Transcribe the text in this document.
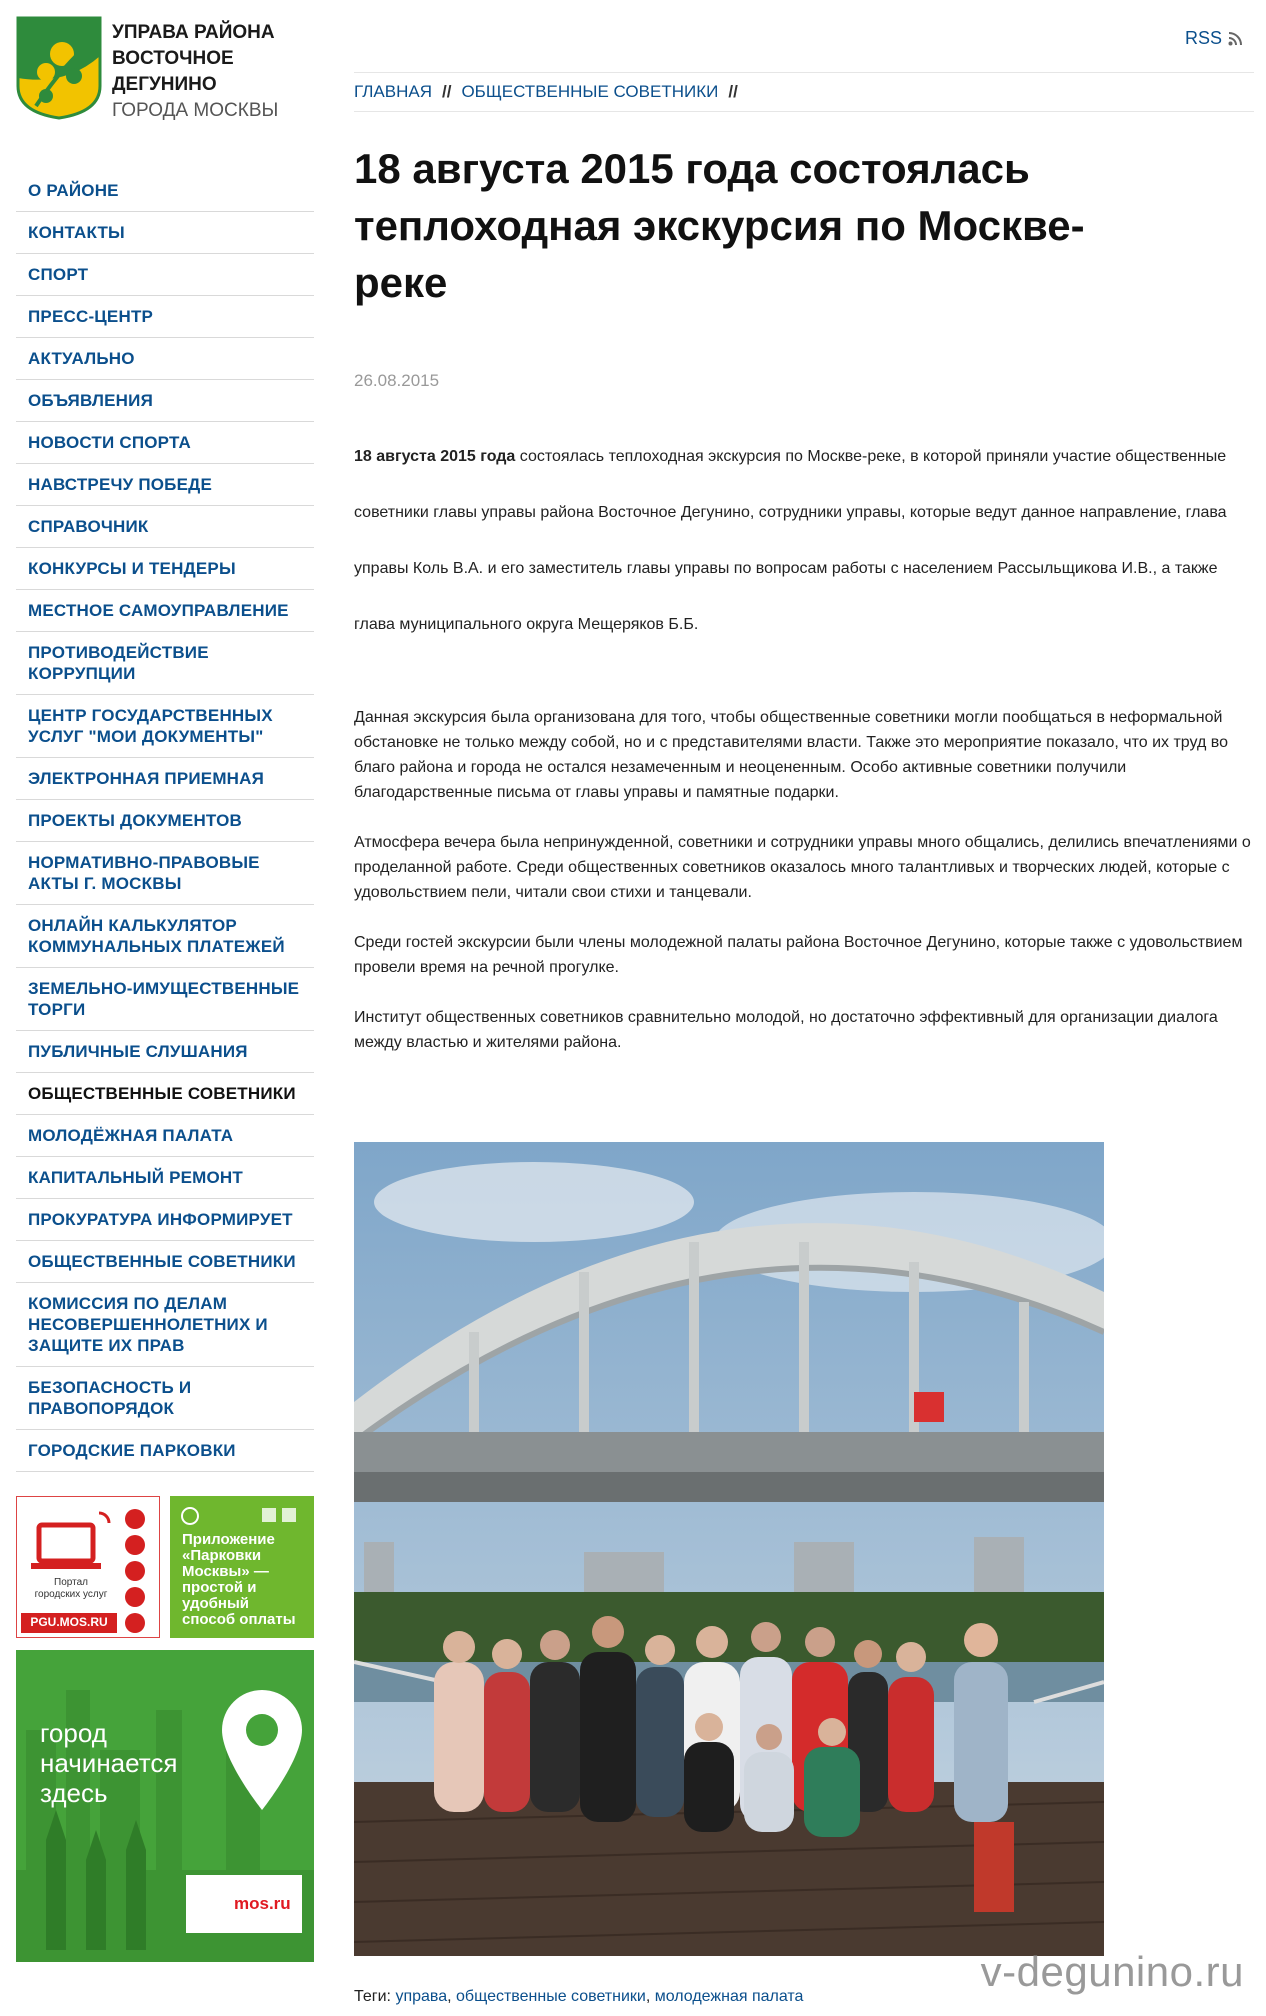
УПРАВА РАЙОНА
ВОСТОЧНОЕ ДЕГУНИНО
ГОРОДА МОСКВЫ
RSS
ГЛАВНАЯ // ОБЩЕСТВЕННЫЕ СОВЕТНИКИ //
О РАЙОНЕ
КОНТАКТЫ
СПОРТ
ПРЕСС-ЦЕНТР
АКТУАЛЬНО
ОБЪЯВЛЕНИЯ
НОВОСТИ СПОРТА
НАВСТРЕЧУ ПОБЕДЕ
СПРАВОЧНИК
КОНКУРСЫ И ТЕНДЕРЫ
МЕСТНОЕ САМОУПРАВЛЕНИЕ
ПРОТИВОДЕЙСТВИЕ КОРРУПЦИИ
ЦЕНТР ГОСУДАРСТВЕННЫХ УСЛУГ "МОИ ДОКУМЕНТЫ"
ЭЛЕКТРОННАЯ ПРИЕМНАЯ
ПРОЕКТЫ ДОКУМЕНТОВ
НОРМАТИВНО-ПРАВОВЫЕ АКТЫ Г. МОСКВЫ
ОНЛАЙН КАЛЬКУЛЯТОР КОММУНАЛЬНЫХ ПЛАТЕЖЕЙ
ЗЕМЕЛЬНО-ИМУЩЕСТВЕННЫЕ ТОРГИ
ПУБЛИЧНЫЕ СЛУШАНИЯ
ОБЩЕСТВЕННЫЕ СОВЕТНИКИ
МОЛОДЁЖНАЯ ПАЛАТА
КАПИТАЛЬНЫЙ РЕМОНТ
ПРОКУРАТУРА ИНФОРМИРУЕТ
ОБЩЕСТВЕННЫЕ СОВЕТНИКИ
КОМИССИЯ ПО ДЕЛАМ НЕСОВЕРШЕННОЛЕТНИХ И ЗАЩИТЕ ИХ ПРАВ
БЕЗОПАСНОСТЬ И ПРАВОПОРЯДОК
ГОРОДСКИЕ ПАРКОВКИ
Портал
городских услуг
PGU.MOS.RU
Приложение «Парковки Москвы» — простой и удобный способ оплаты
город
начинается
здесь
mos.ru
18 августа 2015 года состоялась теплоходная экскурсия по Москве-реке
26.08.2015

18 августа 2015 года состоялась теплоходная экскурсия по Москве-реке, в которой приняли участие общественные советники главы управы района Восточное Дегунино, сотрудники управы, которые ведут данное направление, глава управы Коль В.А. и его заместитель главы управы по вопросам работы с населением Рассыльщикова И.В., а также глава муниципального округа Мещеряков Б.Б.

Данная экскурсия была организована для того, чтобы общественные советники могли пообщаться в неформальной обстановке не только между собой, но и с представителями власти. Также это мероприятие показало, что их труд во благо района и города не остался незамеченным и неоцененным. Особо активные советники получили благодарственные письма от главы управы и памятные подарки.

Атмосфера вечера была непринужденной, советники и сотрудники управы много общались, делились впечатлениями о проделанной работе. Среди общественных советников оказалось много талантливых и творческих людей, которые с удовольствием пели, читали свои стихи и танцевали.

Среди гостей экскурсии были члены молодежной палаты района Восточное Дегунино, которые также с удовольствием провели время на речной прогулке.

Институт общественных советников сравнительно молодой, но достаточно эффективный для организации диалога между властью и жителями района.

Теги: управа, общественные советники, молодежная палата
v-degunino.ru
